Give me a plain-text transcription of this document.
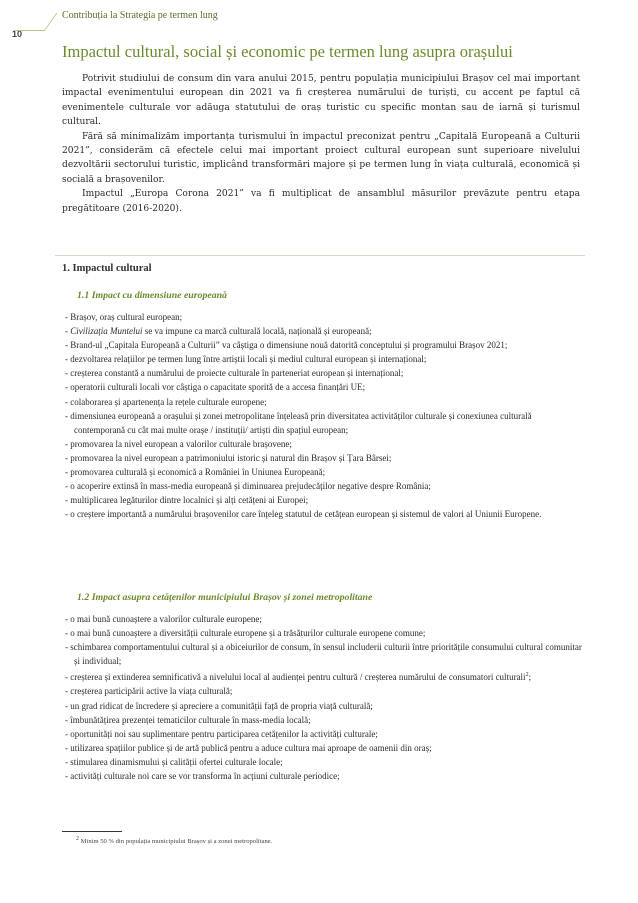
10
Contribuția la Strategia pe termen lung
Impactul cultural, social și economic pe termen lung asupra orașului

Potrivit studiului de consum din vara anului 2015, pentru populația municipiului Brașov cel mai important impactal evenimentului european din 2021 va fi creșterea numărului de turiști, cu accent pe faptul că evenimentele culturale vor adăuga statutului de oraș turistic cu specific montan sau de iarnă și turismul cultural.

Fără să minimalizăm importanța turismului în impactul preconizat pentru „Capitală Europeană a Culturii 2021”, considerăm că efectele celui mai important proiect cultural european sunt superioare nivelului dezvoltării sectorului turistic, implicând transformări majore și pe termen lung în viața culturală, economică și socială a brașovenilor.

Impactul „Europa Corona 2021” va fi multiplicat de ansamblul măsurilor prevăzute pentru etapa pregătitoare (2016-2020).

1. Impactul cultural
1.1 Impact cu dimensiune europeană
- Brașov, oraș cultural european;
- Civilizația Muntelui se va impune ca marcă culturală locală, națională și europeană;
- Brand-ul „Capitala Europeană a Culturii” va câștiga o dimensiune nouă datorită conceptului și programului Brașov 2021;
- dezvoltarea relațiilor pe termen lung între artiștii locali și mediul cultural european și internațional;
- creșterea constantă a numărului de proiecte culturale în parteneriat european și internațional;
- operatorii culturali locali vor câștiga o capacitate sporită de a accesa finanțări UE;
- colaborarea și apartenența la rețele culturale europene;
- dimensiunea europeană a orașului și zonei metropolitane înțeleasă prin diversitatea activităților culturale și conexiunea culturală contemporană cu cât mai multe orașe / instituții/ artiști din spațiul european;
- promovarea la nivel european a valorilor culturale brașovene;
- promovarea la nivel european a patrimoniului istoric și natural din Brașov și Țara Bârsei;
- promovarea culturală și economică a României în Uniunea Europeană;
- o acoperire extinsă în mass-media europeană și diminuarea prejudecăților negative despre România;
- multiplicarea legăturilor dintre localnici și alți cetățeni ai Europei;
- o creștere importantă a numărului brașovenilor care înțeleg statutul de cetățean european și sistemul de valori al Uniunii Europene.
1.2 Impact asupra cetățenilor municipiului Brașov și zonei metropolitane
- o mai bună cunoaștere a valorilor culturale europene;
- o mai bună cunoaștere a diversității culturale europene și a trăsăturilor culturale europene comune;
- schimbarea comportamentului cultural și a obiceiurilor de consum, în sensul includerii culturii între prioritățile consumului cultural comunitar și individual;
- creșterea și extinderea semnificativă a nivelului local al audienței pentru cultură / creșterea numărului de consumatori culturali$^2$;
- creșterea participării active la viața culturală;
- un grad ridicat de încredere și apreciere a comunității față de propria viață culturală;
- îmbunătățirea prezenței tematicilor culturale în mass-media locală;
- oportunități noi sau suplimentare pentru participarea cetățenilor la activități culturale;
- utilizarea spațiilor publice și de artă publică pentru a aduce cultura mai aproape de oamenii din oraș;
- stimularea dinamismului și calității ofertei culturale locale;
- activități culturale noi care se vor transforma în acțiuni culturale periodice;
$^2$ Minim 50 % din populația municipiului Brașov și a zonei metropolitane.
